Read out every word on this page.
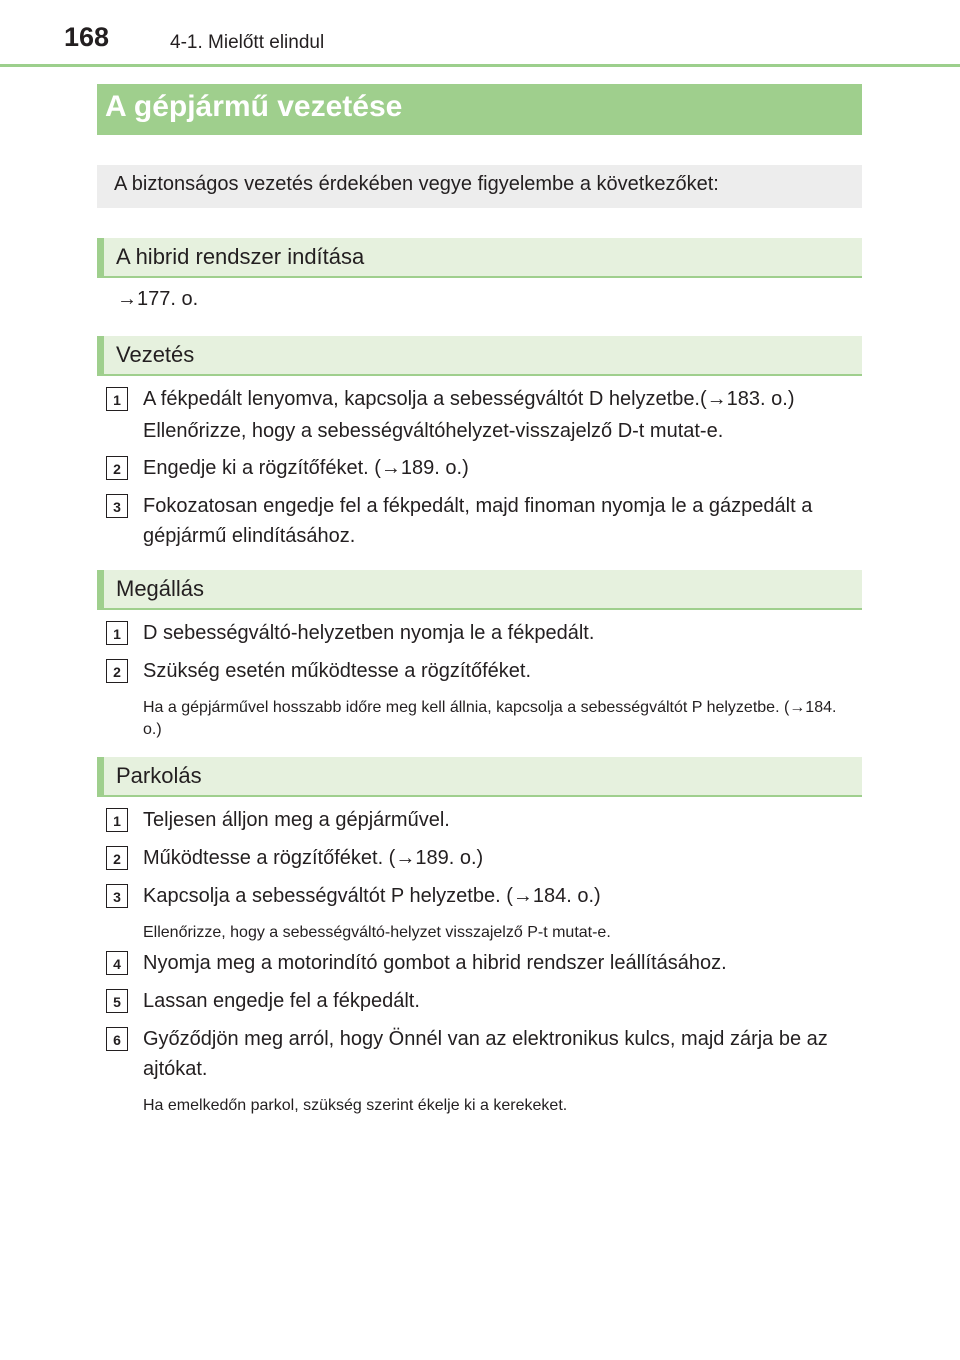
168	4-1. Mielőtt elindul
A gépjármű vezetése
A biztonságos vezetés érdekében vegye figyelembe a következőket:
A hibrid rendszer indítása
→177. o.
Vezetés
1	A fékpedált lenyomva, kapcsolja a sebességváltót D helyzetbe.(→183. o.)
Ellenőrizze, hogy a sebességváltóhelyzet-visszajelző D-t mutat-e.
2	Engedje ki a rögzítőféket. (→189. o.)
3	Fokozatosan engedje fel a fékpedált, majd finoman nyomja le a gázpedált a gépjármű elindításához.
Megállás
1	D sebességváltó-helyzetben nyomja le a fékpedált.
2	Szükség esetén működtesse a rögzítőféket.
Ha a gépjárművel hosszabb időre meg kell állnia, kapcsolja a sebességváltót P helyzetbe. (→184. o.)
Parkolás
1	Teljesen álljon meg a gépjárművel.
2	Működtesse a rögzítőféket. (→189. o.)
3	Kapcsolja a sebességváltót P helyzetbe. (→184. o.)
Ellenőrizze, hogy a sebességváltó-helyzet visszajelző P-t mutat-e.
4	Nyomja meg a motorindító gombot a hibrid rendszer leállításához.
5	Lassan engedje fel a fékpedált.
6	Győződjön meg arról, hogy Önnél van az elektronikus kulcs, majd zárja be az ajtókat.
Ha emelkedőn parkol, szükség szerint ékelje ki a kerekeket.
